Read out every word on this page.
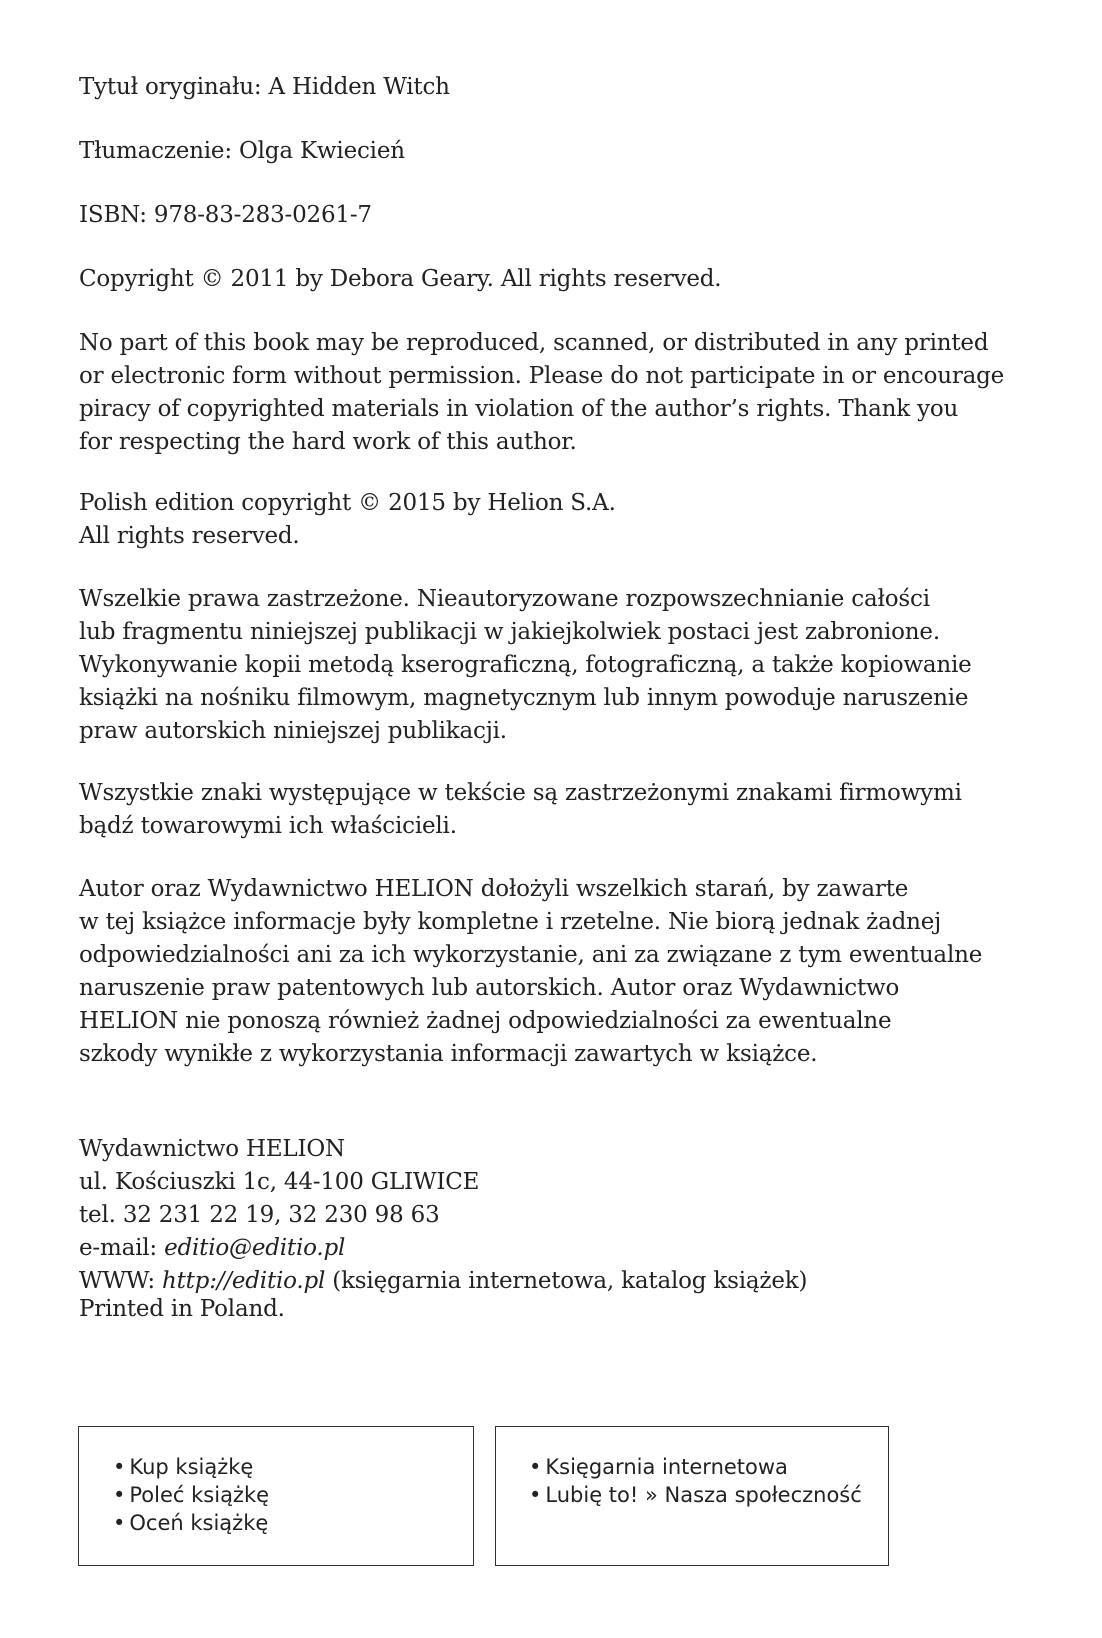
Tytuł oryginału: A Hidden Witch

Tłumaczenie: Olga Kwiecień

ISBN: 978-83-283-0261-7

Copyright © 2011 by Debora Geary. All rights reserved.

No part of this book may be reproduced, scanned, or distributed in any printed
or electronic form without permission. Please do not participate in or encourage
piracy of copyrighted materials in violation of the author’s rights. Thank you
for respecting the hard work of this author.

Polish edition copyright © 2015 by Helion S.A.
All rights reserved.

Wszelkie prawa zastrzeżone. Nieautoryzowane rozpowszechnianie całości
lub fragmentu niniejszej publikacji w jakiejkolwiek postaci jest zabronione.
Wykonywanie kopii metodą kserograficzną, fotograficzną, a także kopiowanie
książki na nośniku filmowym, magnetycznym lub innym powoduje naruszenie
praw autorskich niniejszej publikacji.

Wszystkie znaki występujące w tekście są zastrzeżonymi znakami firmowymi
bądź towarowymi ich właścicieli.

Autor oraz Wydawnictwo HELION dołożyli wszelkich starań, by zawarte
w tej książce informacje były kompletne i rzetelne. Nie biorą jednak żadnej
odpowiedzialności ani za ich wykorzystanie, ani za związane z tym ewentualne
naruszenie praw patentowych lub autorskich. Autor oraz Wydawnictwo
HELION nie ponoszą również żadnej odpowiedzialności za ewentualne
szkody wynikłe z wykorzystania informacji zawartych w książce.

Wydawnictwo HELION
ul. Kościuszki 1c, 44-100 GLIWICE
tel. 32 231 22 19, 32 230 98 63
e-mail: editio@editio.pl
WWW: http://editio.pl (księgarnia internetowa, katalog książek)

Printed in Poland.

• Kup książkę
• Poleć książkę
• Oceń książkę
• Księgarnia internetowa
• Lubię to! » Nasza społeczność
